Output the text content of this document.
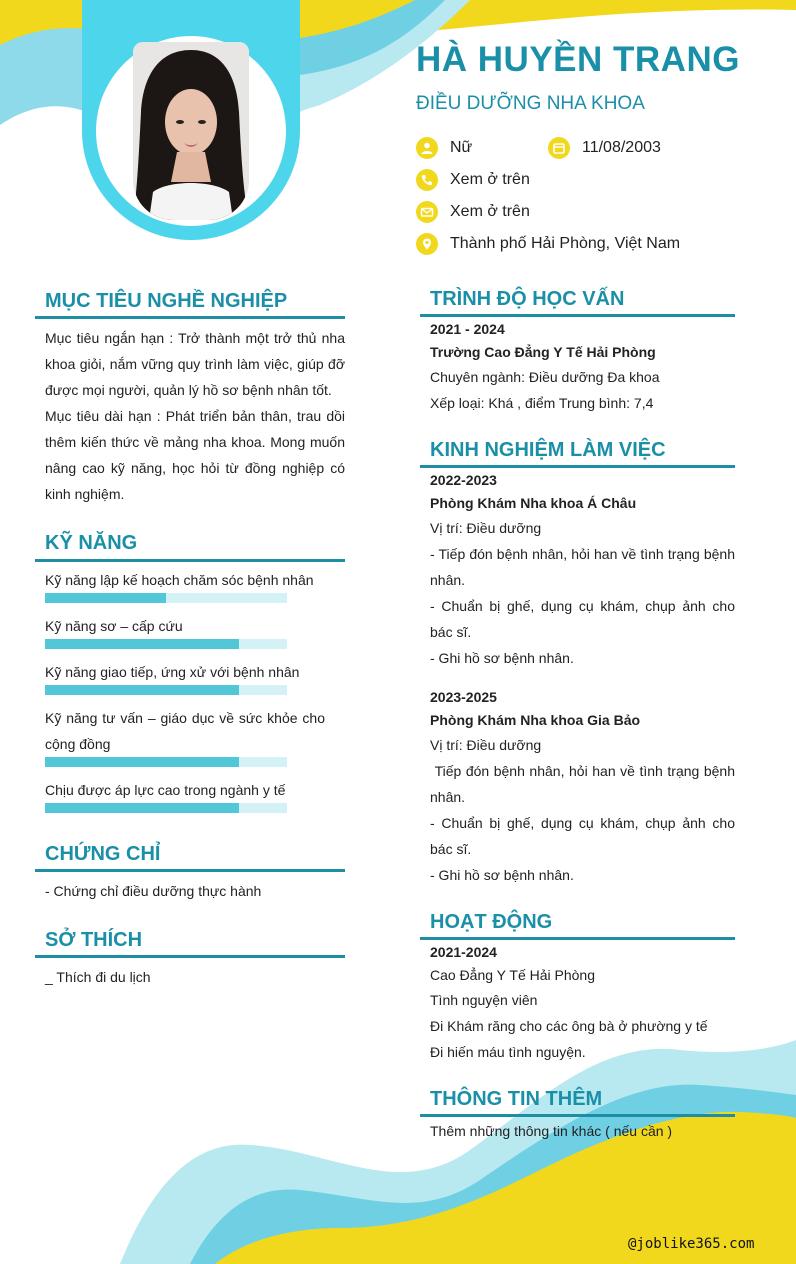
HÀ HUYỀN TRANG
ĐIỀU DƯỠNG NHA KHOA
Nữ	11/08/2003
Xem ở trên
Xem ở trên
Thành phố Hải Phòng, Việt Nam
MỤC TIÊU NGHỀ NGHIỆP
Mục tiêu ngắn hạn : Trở thành một trở thủ nha khoa giỏi, nắm vững quy trình làm việc, giúp đỡ được mọi người, quản lý hồ sơ bệnh nhân tốt.
Mục tiêu dài hạn : Phát triển bản thân, trau dồi thêm kiến thức về mảng nha khoa. Mong muốn nâng cao kỹ năng, học hỏi từ đồng nghiệp có kinh nghiệm.
KỸ NĂNG
Kỹ năng lập kế hoạch chăm sóc bệnh nhân
Kỹ năng sơ – cấp cứu
Kỹ năng giao tiếp, ứng xử với bệnh nhân
Kỹ năng tư vấn – giáo dục về sức khỏe cho cộng đồng
Chịu được áp lực cao trong ngành y tế
CHỨNG CHỈ
- Chứng chỉ điều dưỡng thực hành
SỞ THÍCH
_ Thích đi du lịch
TRÌNH ĐỘ HỌC VẤN
2021 - 2024
Trường Cao Đẳng Y Tế Hải Phòng
Chuyên ngành: Điều dưỡng Đa khoa
Xếp loại: Khá , điểm Trung bình: 7,4
KINH NGHIỆM LÀM VIỆC
2022-2023
Phòng Khám Nha khoa Á Châu
Vị trí: Điều dưỡng
- Tiếp đón bệnh nhân, hỏi han về tình trạng bệnh nhân.
- Chuẩn bị ghế, dụng cụ khám, chụp ảnh cho bác sĩ.
- Ghi hồ sơ bệnh nhân.
2023-2025
Phòng Khám Nha khoa Gia Bảo
Vị trí: Điều dưỡng
Tiếp đón bệnh nhân, hỏi han về tình trạng bệnh nhân.
- Chuẩn bị ghế, dụng cụ khám, chụp ảnh cho bác sĩ.
- Ghi hồ sơ bệnh nhân.
HOẠT ĐỘNG
2021-2024
Cao Đẳng Y Tế Hải Phòng
Tình nguyện viên
Đi Khám răng cho các ông bà ở phường y tế
Đi hiến máu tình nguyện.
THÔNG TIN THÊM
Thêm những thông tin khác ( nếu cần )
@joblike365.com
